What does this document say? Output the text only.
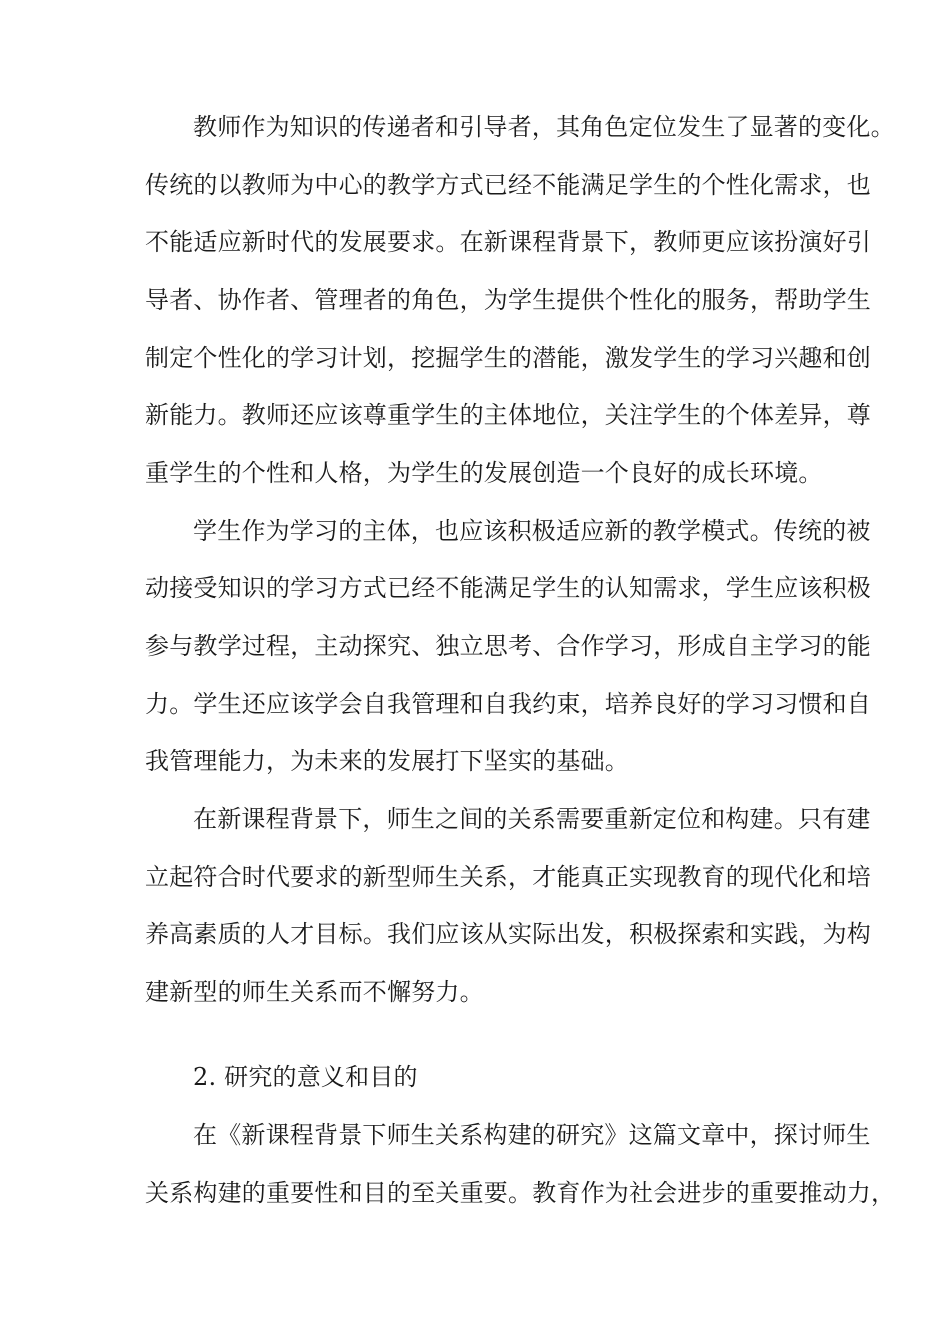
教师作为知识的传递者和引导者，其角色定位发生了显著的变化。
传统的以教师为中心的教学方式已经不能满足学生的个性化需求，也
不能适应新时代的发展要求。在新课程背景下，教师更应该扮演好引
导者、协作者、管理者的角色，为学生提供个性化的服务，帮助学生
制定个性化的学习计划，挖掘学生的潜能，激发学生的学习兴趣和创
新能力。教师还应该尊重学生的主体地位，关注学生的个体差异，尊
重学生的个性和人格，为学生的发展创造一个良好的成长环境。
学生作为学习的主体，也应该积极适应新的教学模式。传统的被
动接受知识的学习方式已经不能满足学生的认知需求，学生应该积极
参与教学过程，主动探究、独立思考、合作学习，形成自主学习的能
力。学生还应该学会自我管理和自我约束，培养良好的学习习惯和自
我管理能力，为未来的发展打下坚实的基础。
在新课程背景下，师生之间的关系需要重新定位和构建。只有建
立起符合时代要求的新型师生关系，才能真正实现教育的现代化和培
养高素质的人才目标。我们应该从实际出发，积极探索和实践，为构
建新型的师生关系而不懈努力。
2. 研究的意义和目的
在《新课程背景下师生关系构建的研究》这篇文章中，探讨师生
关系构建的重要性和目的至关重要。教育作为社会进步的重要推动力，
